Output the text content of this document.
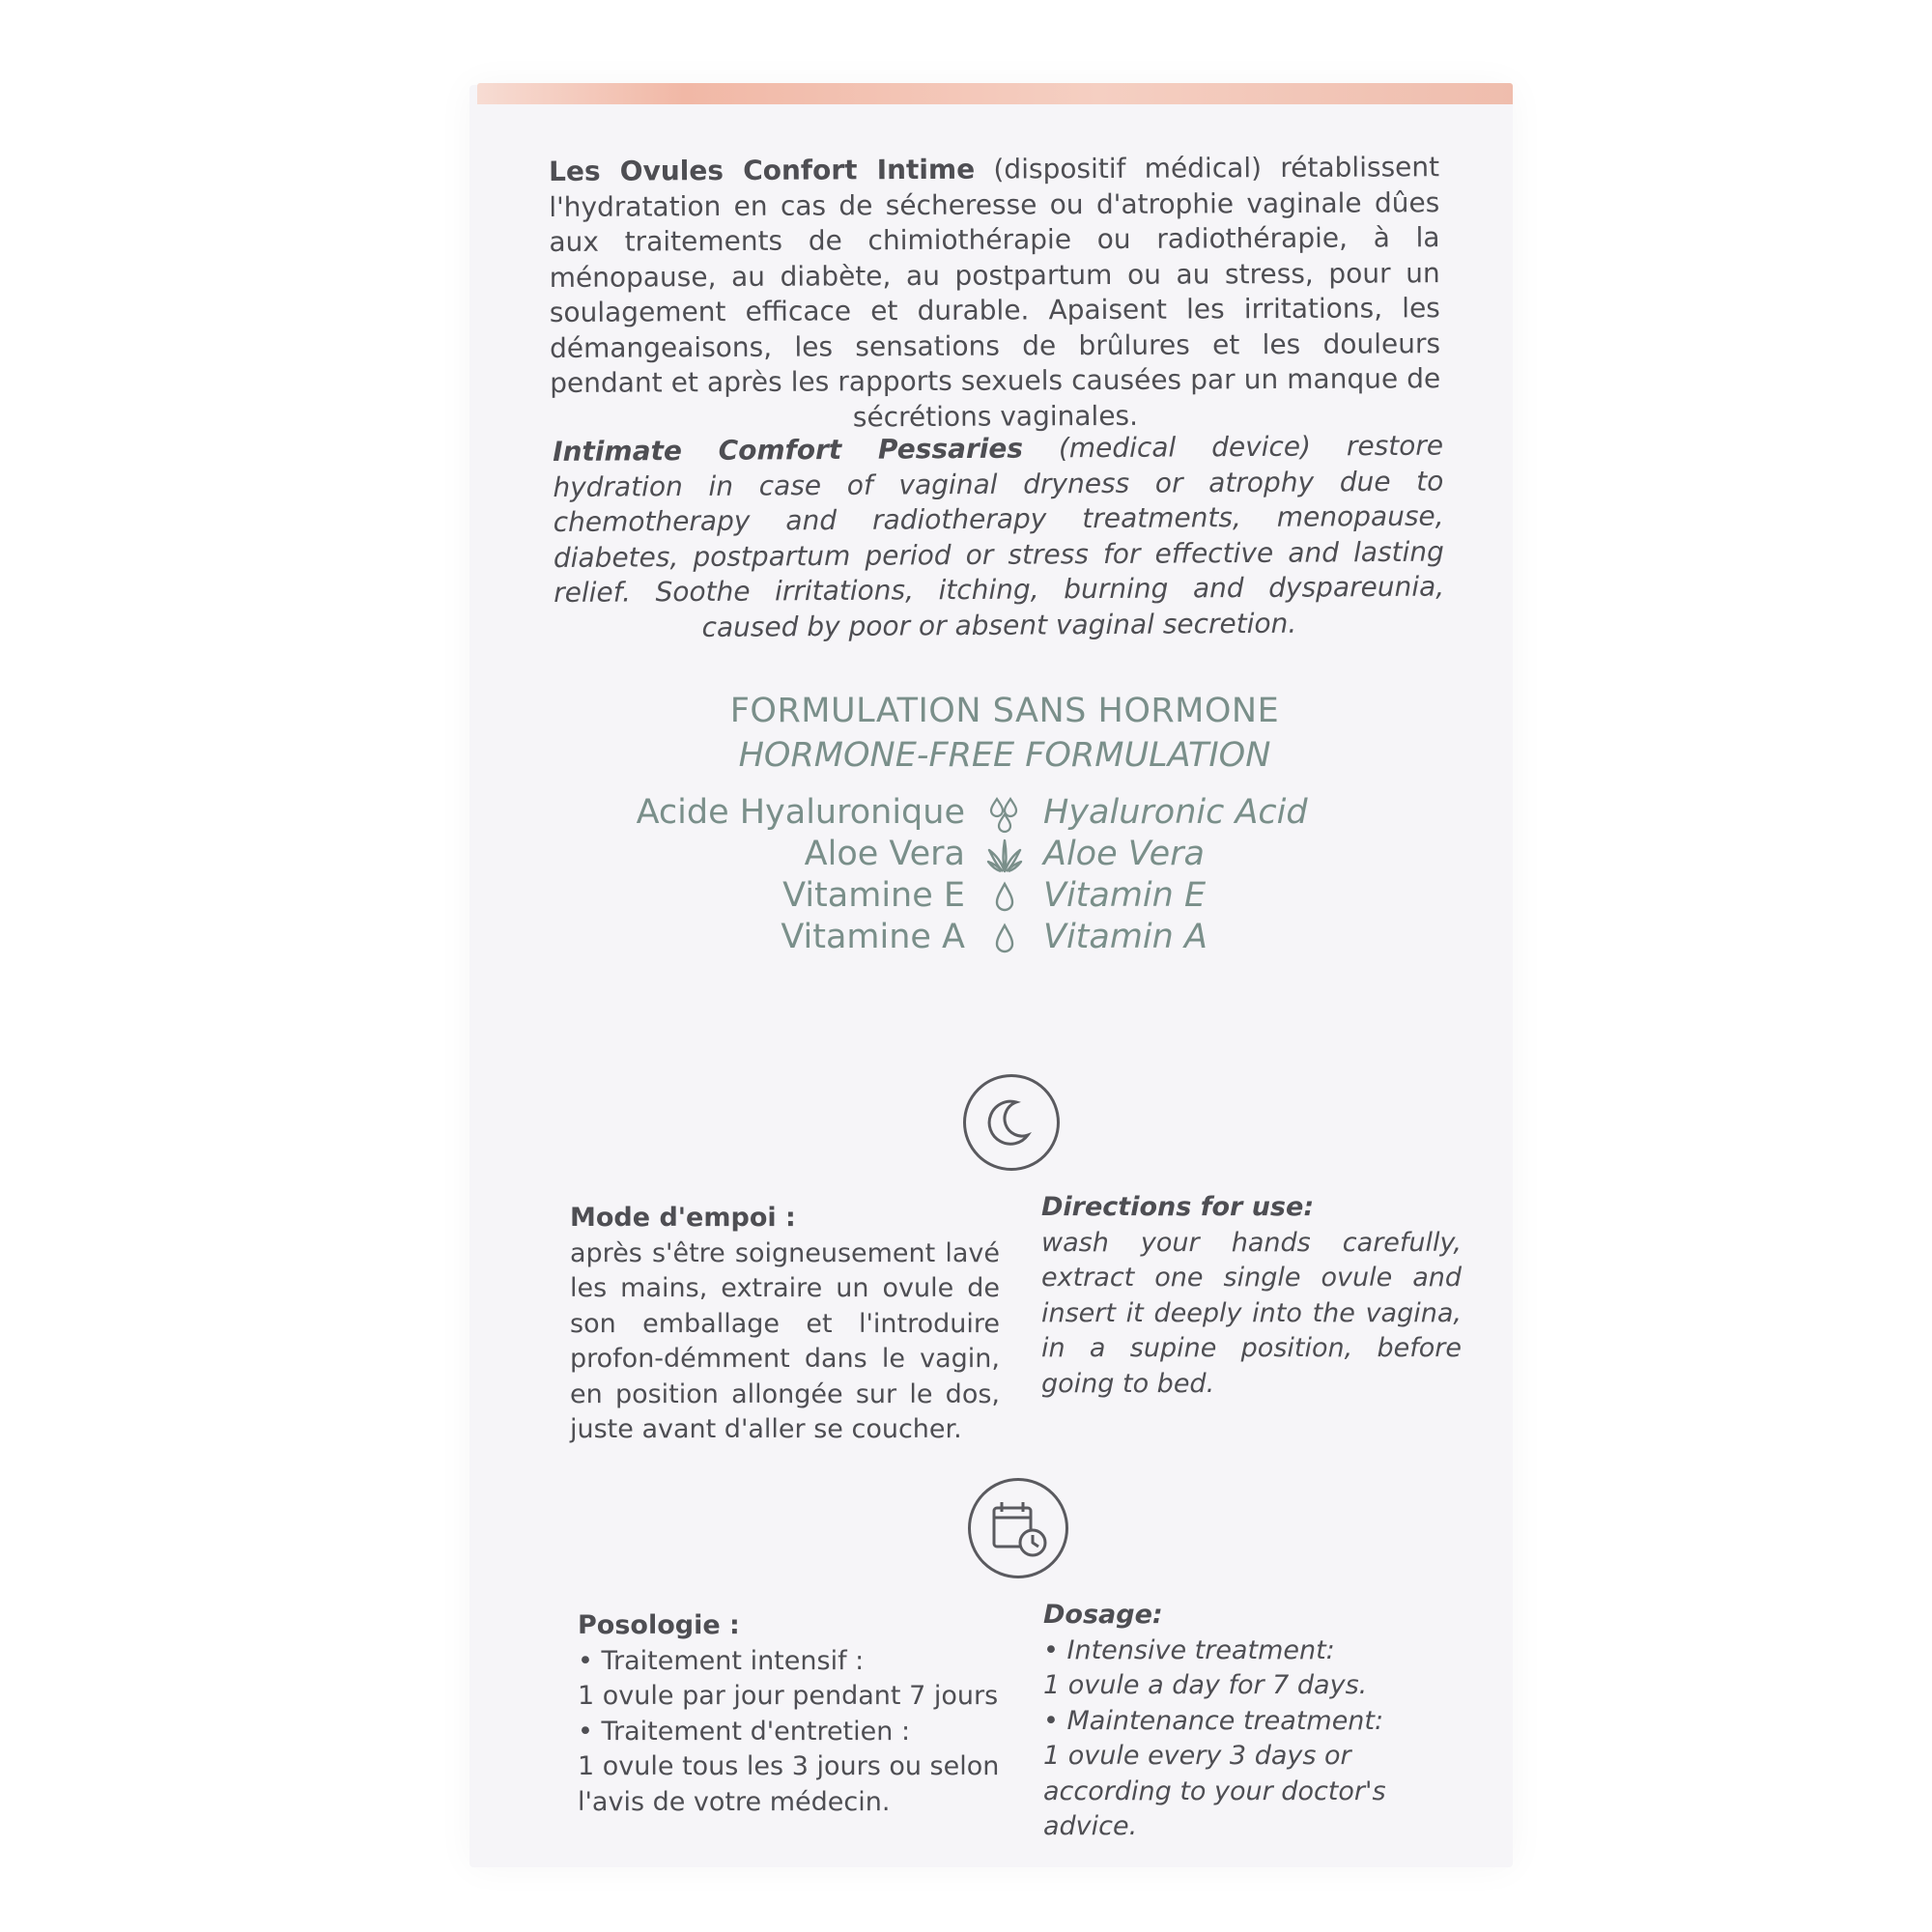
Les Ovules Confort Intime (dispositif médical) rétablissent l'hydratation en cas de sécheresse ou d'atrophie vaginale dûes aux traitements de chimiothérapie ou radiothérapie, à la ménopause, au diabète, au postpartum ou au stress, pour un soulagement efficace et durable. Apaisent les irritations, les démangeaisons, les sensations de brûlures et les douleurs pendant et après les rapports sexuels causées par un manque de sécrétions vaginales.

Intimate Comfort Pessaries (medical device) restore hydration in case of vaginal dryness or atrophy due to chemotherapy and radiotherapy treatments, menopause, diabetes, postpartum period or stress for effective and lasting relief. Soothe irritations, itching, burning and dyspareunia, caused by poor or absent vaginal secretion.

FORMULATION SANS HORMONE
HORMONE-FREE FORMULATION
Acide Hyaluronique Hyaluronic Acid
Aloe Vera Aloe Vera
Vitamine E Vitamin E
Vitamine A Vitamin A
Mode d'empoi :
après s'être soigneusement lavé les mains, extraire un ovule de son emballage et l'introduire profon-démment dans le vagin, en position allongée sur le dos, juste avant d'aller se coucher.
Directions for use:
wash your hands carefully, extract one single ovule and insert it deeply into the vagina, in a supine position, before going to bed.
Posologie :
• Traitement intensif :
1 ovule par jour pendant 7 jours
• Traitement d'entretien :
1 ovule tous les 3 jours ou selon l'avis de votre médecin.
Dosage:
• Intensive treatment:
1 ovule a day for 7 days.
• Maintenance treatment:
1 ovule every 3 days or according to your doctor's advice.
